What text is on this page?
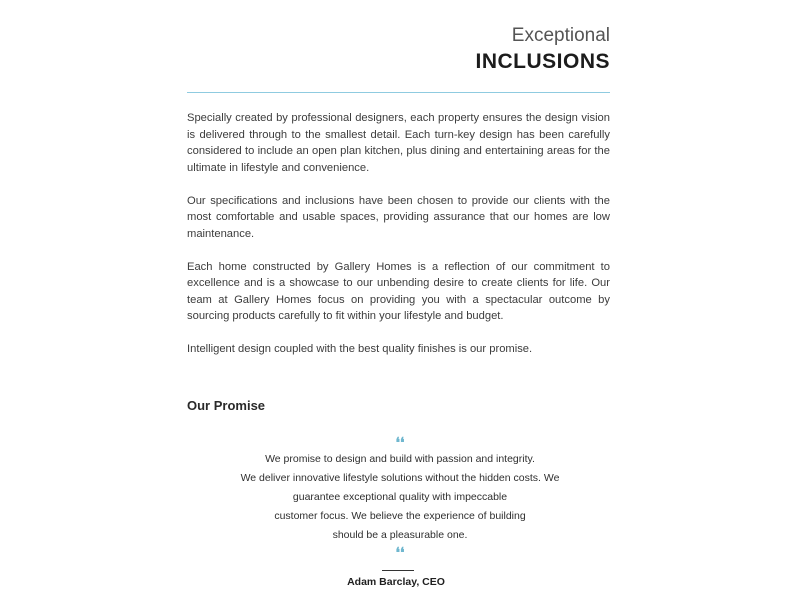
Exceptional
INCLUSIONS

Specially created by professional designers, each property ensures the design vision is delivered through to the smallest detail. Each turn-key design has been carefully considered to include an open plan kitchen, plus dining and entertaining areas for the ultimate in lifestyle and convenience.

Our specifications and inclusions have been chosen to provide our clients with the most comfortable and usable spaces, providing assurance that our homes are low maintenance.

Each home constructed by Gallery Homes is a reflection of our commitment to excellence and is a showcase to our unbending desire to create clients for life. Our team at Gallery Homes focus on providing you with a spectacular outcome by sourcing products carefully to fit within your lifestyle and budget.

Intelligent design coupled with the best quality finishes is our promise.

Our Promise
❛❛
We promise to design and build with passion and integrity.
We deliver innovative lifestyle solutions without the hidden costs. We
guarantee exceptional quality with impeccable
customer focus. We believe the experience of building
should be a pleasurable one.
❛❛
Adam Barclay, CEO
